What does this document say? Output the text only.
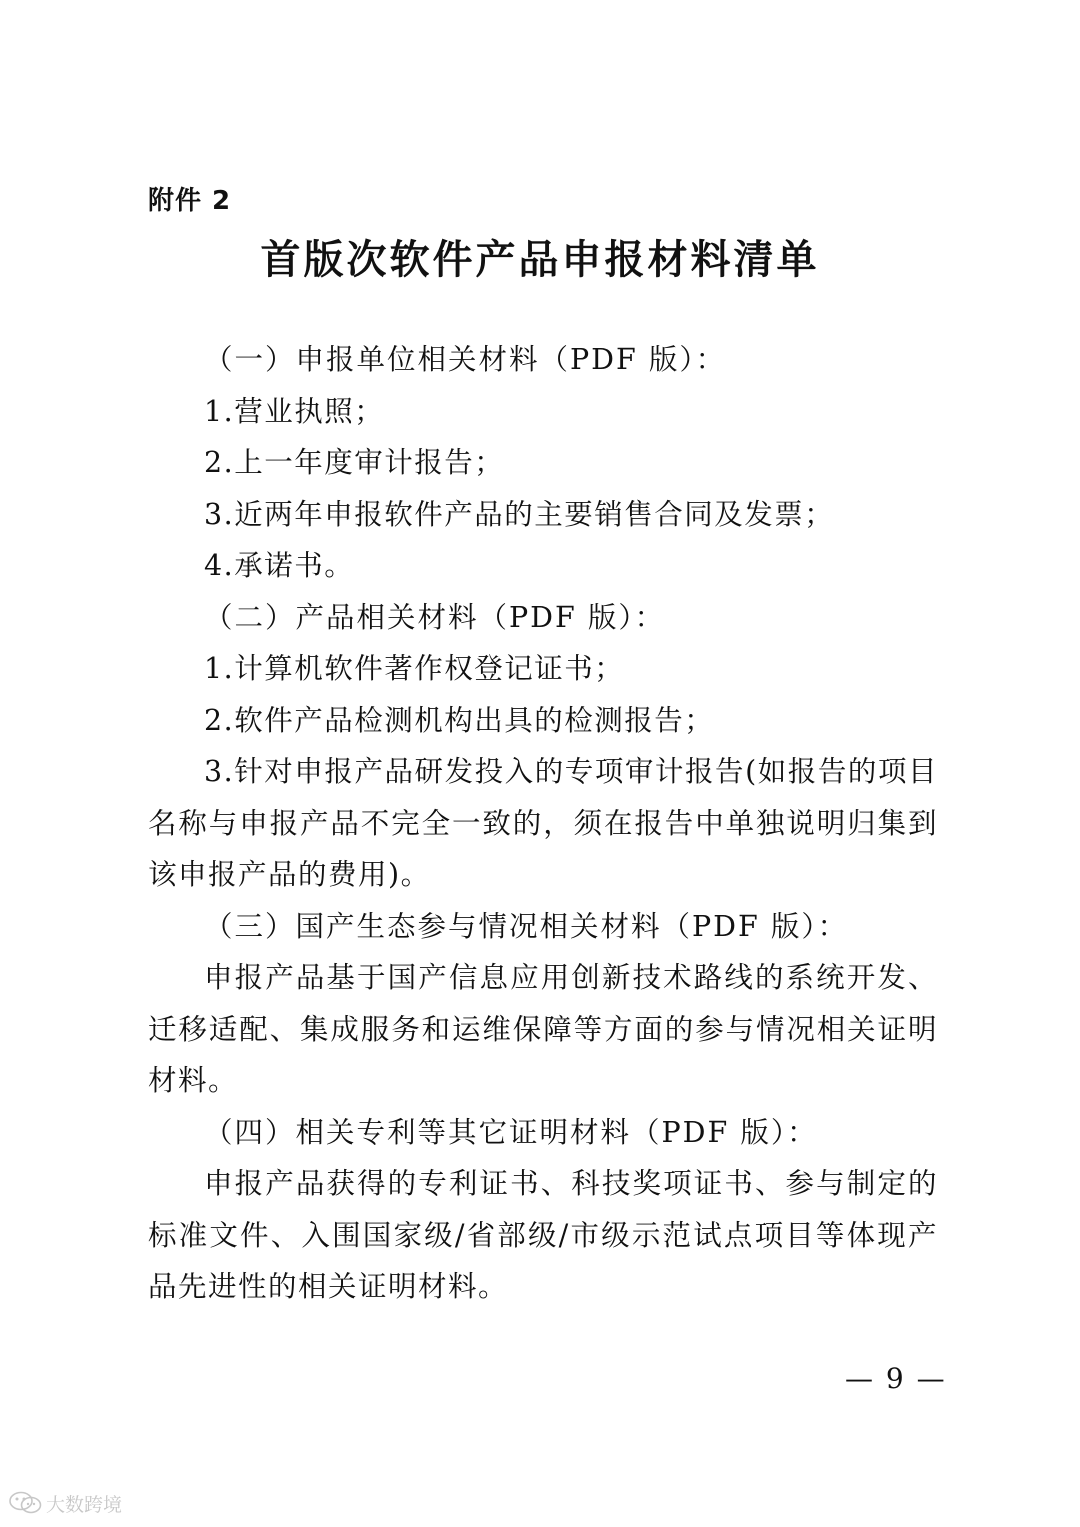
附件 2
首版次软件产品申报材料清单
（一）申报单位相关材料（PDF 版）：
1.营业执照；
2.上一年度审计报告；
3.近两年申报软件产品的主要销售合同及发票；
4.承诺书。
（二）产品相关材料（PDF 版）：
1.计算机软件著作权登记证书；
2.软件产品检测机构出具的检测报告；
3.针对申报产品研发投入的专项审计报告(如报告的项目名称与申报产品不完全一致的，须在报告中单独说明归集到该申报产品的费用)。
（三）国产生态参与情况相关材料（PDF 版）：
申报产品基于国产信息应用创新技术路线的系统开发、迁移适配、集成服务和运维保障等方面的参与情况相关证明材料。
（四）相关专利等其它证明材料（PDF 版）：
申报产品获得的专利证书、科技奖项证书、参与制定的标准文件、入围国家级/省部级/市级示范试点项目等体现产品先进性的相关证明材料。
— 9 —
大数跨境
